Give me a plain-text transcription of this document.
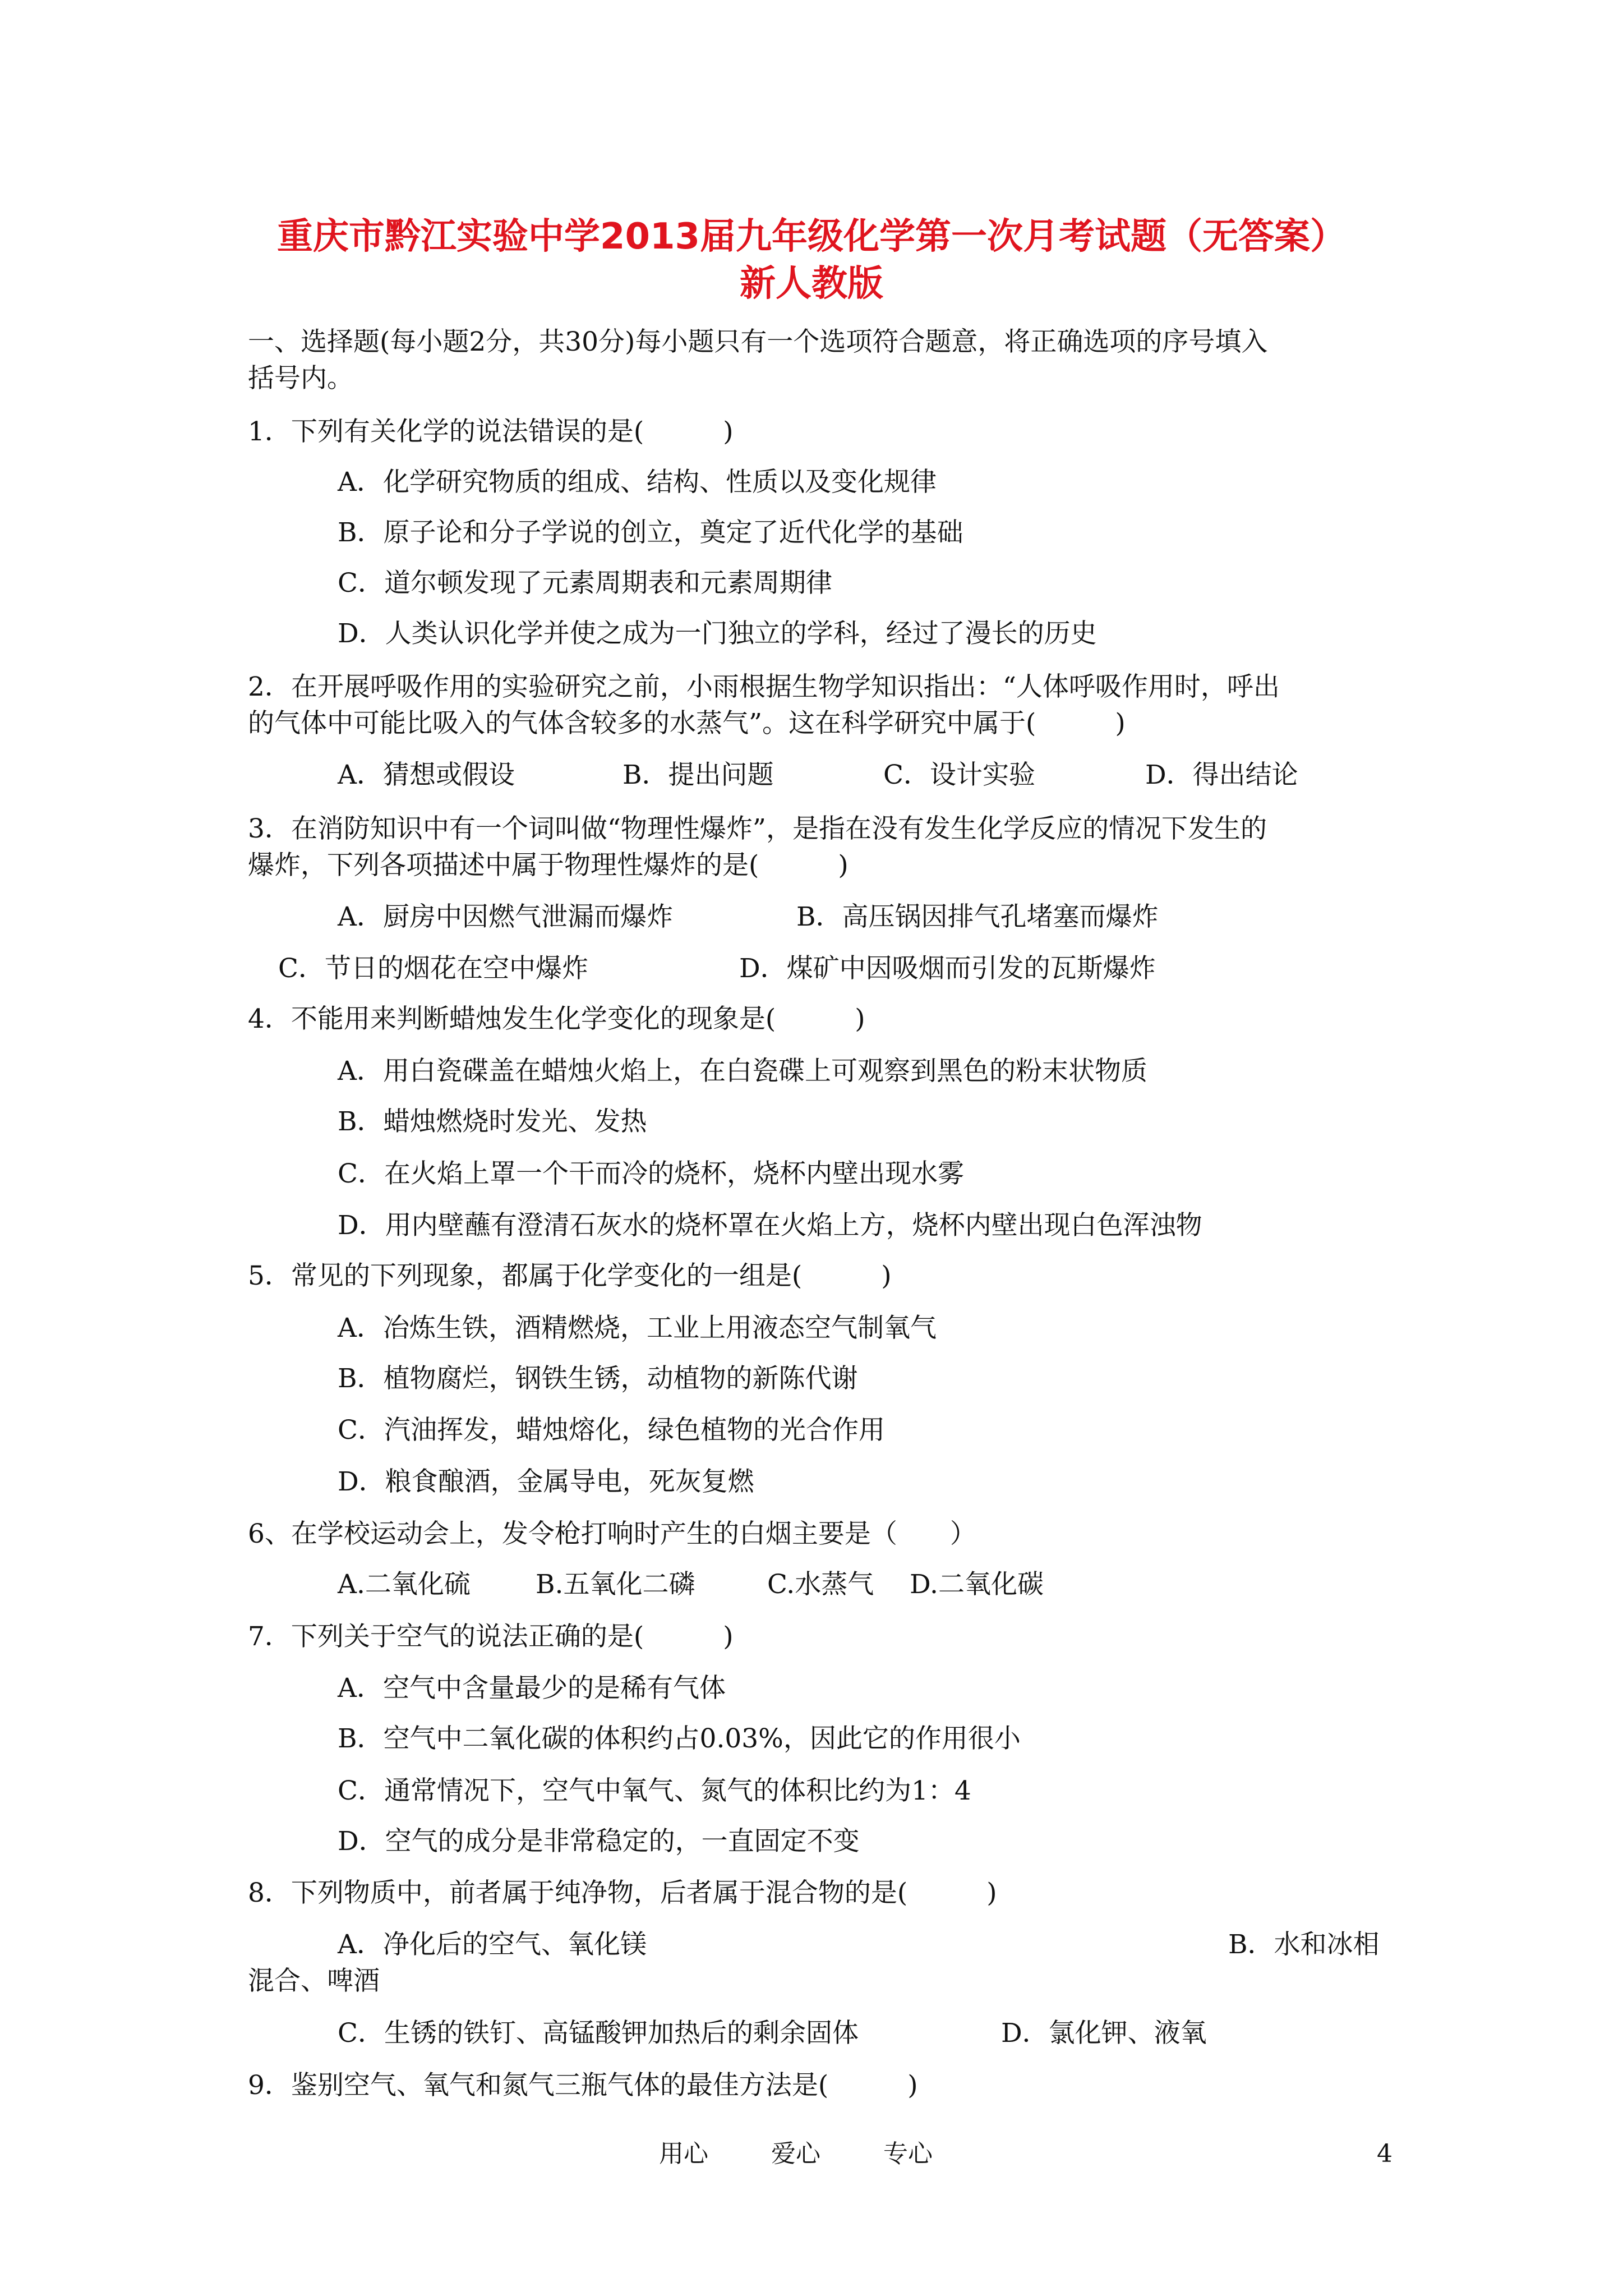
重庆市黔江实验中学2013届九年级化学第一次月考试题（无答案）
新人教版
一、选择题(每小题2分，共30分)每小题只有一个选项符合题意，将正确选项的序号填入
括号内。
1．下列有关化学的说法错误的是(　　　)
A．化学研究物质的组成、结构、性质以及变化规律
B．原子论和分子学说的创立，奠定了近代化学的基础
C．道尔顿发现了元素周期表和元素周期律
D．人类认识化学并使之成为一门独立的学科，经过了漫长的历史
2．在开展呼吸作用的实验研究之前，小雨根据生物学知识指出：“人体呼吸作用时，呼出
的气体中可能比吸入的气体含较多的水蒸气”。这在科学研究中属于(　　　)
A．猜想或假设	B．提出问题	C．设计实验	D．得出结论
3．在消防知识中有一个词叫做“物理性爆炸”，是指在没有发生化学反应的情况下发生的
爆炸，下列各项描述中属于物理性爆炸的是(　　　)
A．厨房中因燃气泄漏而爆炸	B．高压锅因排气孔堵塞而爆炸
C．节日的烟花在空中爆炸	D．煤矿中因吸烟而引发的瓦斯爆炸
4．不能用来判断蜡烛发生化学变化的现象是(　　　)
A．用白瓷碟盖在蜡烛火焰上，在白瓷碟上可观察到黑色的粉末状物质
B．蜡烛燃烧时发光、发热
C．在火焰上罩一个干而冷的烧杯，烧杯内壁出现水雾
D．用内壁蘸有澄清石灰水的烧杯罩在火焰上方，烧杯内壁出现白色浑浊物
5．常见的下列现象，都属于化学变化的一组是(　　　)
A．冶炼生铁，酒精燃烧，工业上用液态空气制氧气
B．植物腐烂，钢铁生锈，动植物的新陈代谢
C．汽油挥发，蜡烛熔化，绿色植物的光合作用
D．粮食酿酒，金属导电，死灰复燃
6、在学校运动会上，发令枪打响时产生的白烟主要是（　　）
A.二氧化硫 B.五氧化二磷	C.水蒸气 D.二氧化碳
7．下列关于空气的说法正确的是(　　　)
A．空气中含量最少的是稀有气体
B．空气中二氧化碳的体积约占0.03%，因此它的作用很小
C．通常情况下，空气中氧气、氮气的体积比约为1：4
D．空气的成分是非常稳定的，一直固定不变
8．下列物质中，前者属于纯净物，后者属于混合物的是(　　　)
A．净化后的空气、氧化镁	B．水和冰相
混合、啤酒
C．生锈的铁钉、高锰酸钾加热后的剩余固体	D．氯化钾、液氧
9．鉴别空气、氧气和氮气三瓶气体的最佳方法是(　　　)
用心	爱心	专心	4
